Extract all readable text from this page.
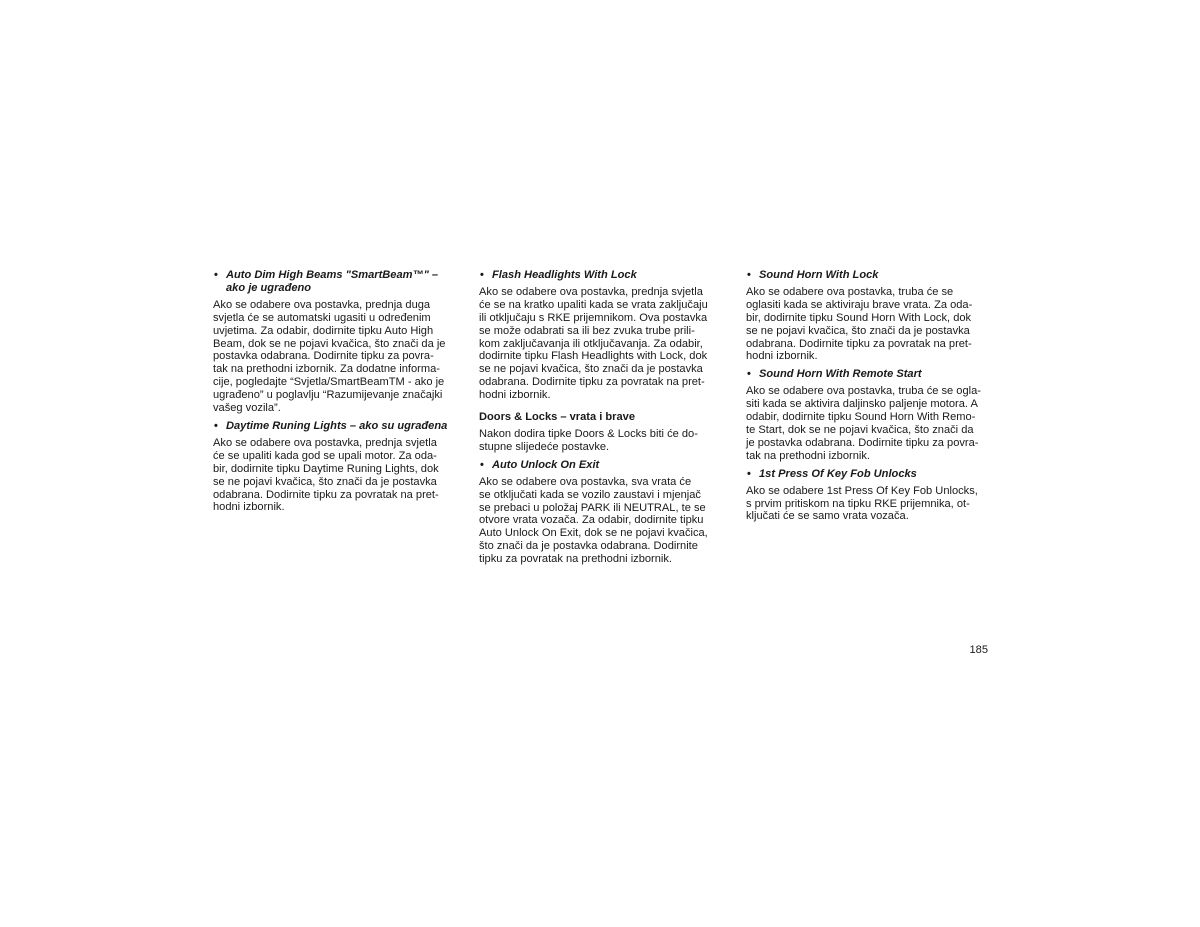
• Auto Dim High Beams "SmartBeam™" –
ako je ugrađeno
Ako se odabere ova postavka, prednja duga
svjetla će se automatski ugasiti u određenim
uvjetima. Za odabir, dodirnite tipku Auto High
Beam, dok se ne pojavi kvačica, što znači da je
postavka odabrana. Dodirnite tipku za povra-
tak na prethodni izbornik. Za dodatne informa-
cije, pogledajte “Svjetla/SmartBeamTM - ako je
ugrađeno” u poglavlju “Razumijevanje značajki
vašeg vozila”.
• Daytime Runing Lights – ako su ugrađena
Ako se odabere ova postavka, prednja svjetla
će se upaliti kada god se upali motor. Za oda-
bir, dodirnite tipku Daytime Runing Lights, dok
se ne pojavi kvačica, što znači da je postavka
odabrana. Dodirnite tipku za povratak na pret-
hodni izbornik.
• Flash Headlights With Lock
Ako se odabere ova postavka, prednja svjetla
će se na kratko upaliti kada se vrata zaključaju
ili otključaju s RKE prijemnikom. Ova postavka
se može odabrati sa ili bez zvuka trube prili-
kom zaključavanja ili otključavanja. Za odabir,
dodirnite tipku Flash Headlights with Lock, dok
se ne pojavi kvačica, što znači da je postavka
odabrana. Dodirnite tipku za povratak na pret-
hodni izbornik.
Doors & Locks – vrata i brave
Nakon dodira tipke Doors & Locks biti će do-
stupne slijedeće postavke.
• Auto Unlock On Exit
Ako se odabere ova postavka, sva vrata će
se otključati kada se vozilo zaustavi i mjenjač
se prebaci u položaj PARK ili NEUTRAL, te se
otvore vrata vozača. Za odabir, dodirnite tipku
Auto Unlock On Exit, dok se ne pojavi kvačica,
što znači da je postavka odabrana. Dodirnite
tipku za povratak na prethodni izbornik.
• Sound Horn With Lock
Ako se odabere ova postavka, truba će se
oglasiti kada se aktiviraju brave vrata. Za oda-
bir, dodirnite tipku Sound Horn With Lock, dok
se ne pojavi kvačica, što znači da je postavka
odabrana. Dodirnite tipku za povratak na pret-
hodni izbornik.
• Sound Horn With Remote Start
Ako se odabere ova postavka, truba će se ogla-
siti kada se aktivira daljinsko paljenje motora. A
odabir, dodirnite tipku Sound Horn With Remo-
te Start, dok se ne pojavi kvačica, što znači da
je postavka odabrana. Dodirnite tipku za povra-
tak na prethodni izbornik.
• 1st Press Of Key Fob Unlocks
Ako se odabere 1st Press Of Key Fob Unlocks,
s prvim pritiskom na tipku RKE prijemnika, ot-
ključati će se samo vrata vozača.
185
